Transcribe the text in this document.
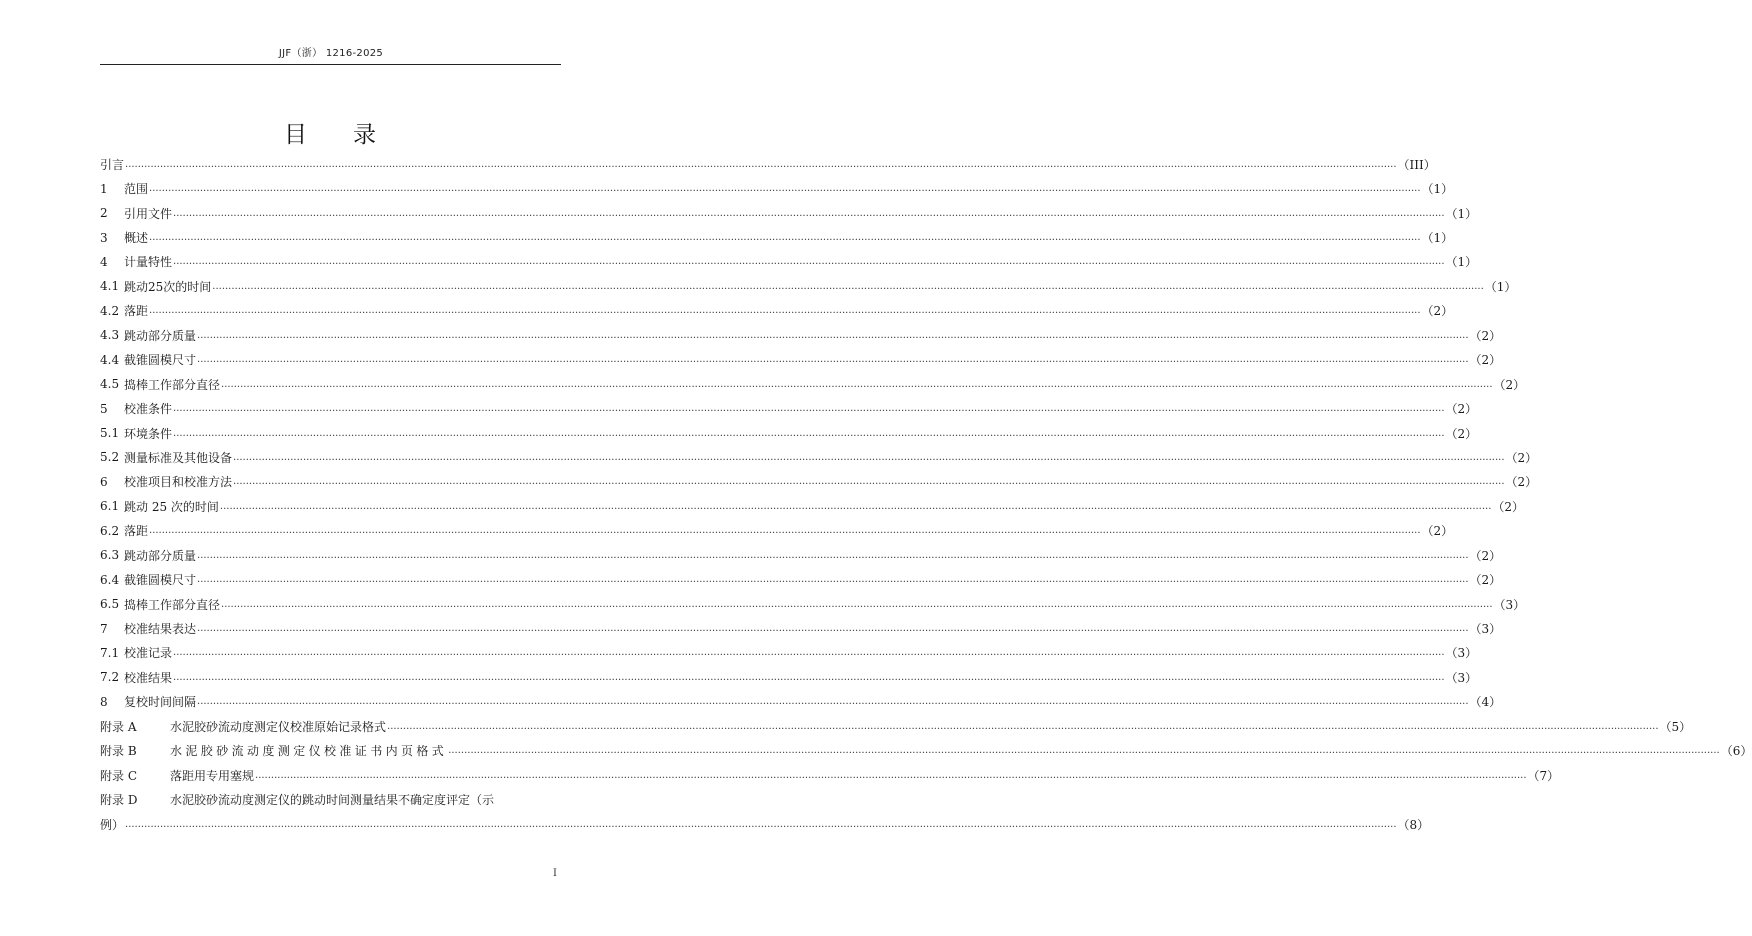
JJF（浙） 1216-2025
目 录
引言 ................................................................................................................................................................................................................................................................................................................................................................................................................ （III）
1	范围 ................................................................................................................................................................................................................................................................................................................................................................................................................ （1）
2	引用文件 ................................................................................................................................................................................................................................................................................................................................................................................................................ （1）
3	概述 ................................................................................................................................................................................................................................................................................................................................................................................................................ （1）
4	计量特性 ................................................................................................................................................................................................................................................................................................................................................................................................................ （1）
4.1 跳动25次的时间 ................................................................................................................................................................................................................................................................................................................................................................................................................ （1）
4.2 落距 ................................................................................................................................................................................................................................................................................................................................................................................................................ （2）
4.3 跳动部分质量 ................................................................................................................................................................................................................................................................................................................................................................................................................ （2）
4.4 截锥圆模尺寸 ................................................................................................................................................................................................................................................................................................................................................................................................................ （2）
4.5 捣棒工作部分直径 ................................................................................................................................................................................................................................................................................................................................................................................................................ （2）
5	校准条件 ................................................................................................................................................................................................................................................................................................................................................................................................................ （2）
5.1 环境条件 ................................................................................................................................................................................................................................................................................................................................................................................................................ （2）
5.2 测量标准及其他设备 ................................................................................................................................................................................................................................................................................................................................................................................................................ （2）
6	校准项目和校准方法 ................................................................................................................................................................................................................................................................................................................................................................................................................ （2）
6.1 跳动 25 次的时间 ................................................................................................................................................................................................................................................................................................................................................................................................................ （2）
6.2 落距 ................................................................................................................................................................................................................................................................................................................................................................................................................ （2）
6.3 跳动部分质量 ................................................................................................................................................................................................................................................................................................................................................................................................................ （2）
6.4 截锥圆模尺寸 ................................................................................................................................................................................................................................................................................................................................................................................................................ （2）
6.5 捣棒工作部分直径 ................................................................................................................................................................................................................................................................................................................................................................................................................ （3）
7	校准结果表达 ................................................................................................................................................................................................................................................................................................................................................................................................................ （3）
7.1 校准记录 ................................................................................................................................................................................................................................................................................................................................................................................................................ （3）
7.2 校准结果 ................................................................................................................................................................................................................................................................................................................................................................................................................ （3）
8	复校时间间隔 ................................................................................................................................................................................................................................................................................................................................................................................................................ （4）
附录 A	水泥胶砂流动度测定仪校准原始记录格式 ................................................................................................................................................................................................................................................................................................................................................................................................................ （5）
附录 B	水泥胶砂流动度测定仪校准证书内页格式 ................................................................................................................................................................................................................................................................................................................................................................................................................ （6）
附录 C	落距用专用塞规 ................................................................................................................................................................................................................................................................................................................................................................................................................ （7）
附录 D	水泥胶砂流动度测定仪的跳动时间测量结果不确定度评定（示
例） ................................................................................................................................................................................................................................................................................................................................................................................................................ （8）
I
